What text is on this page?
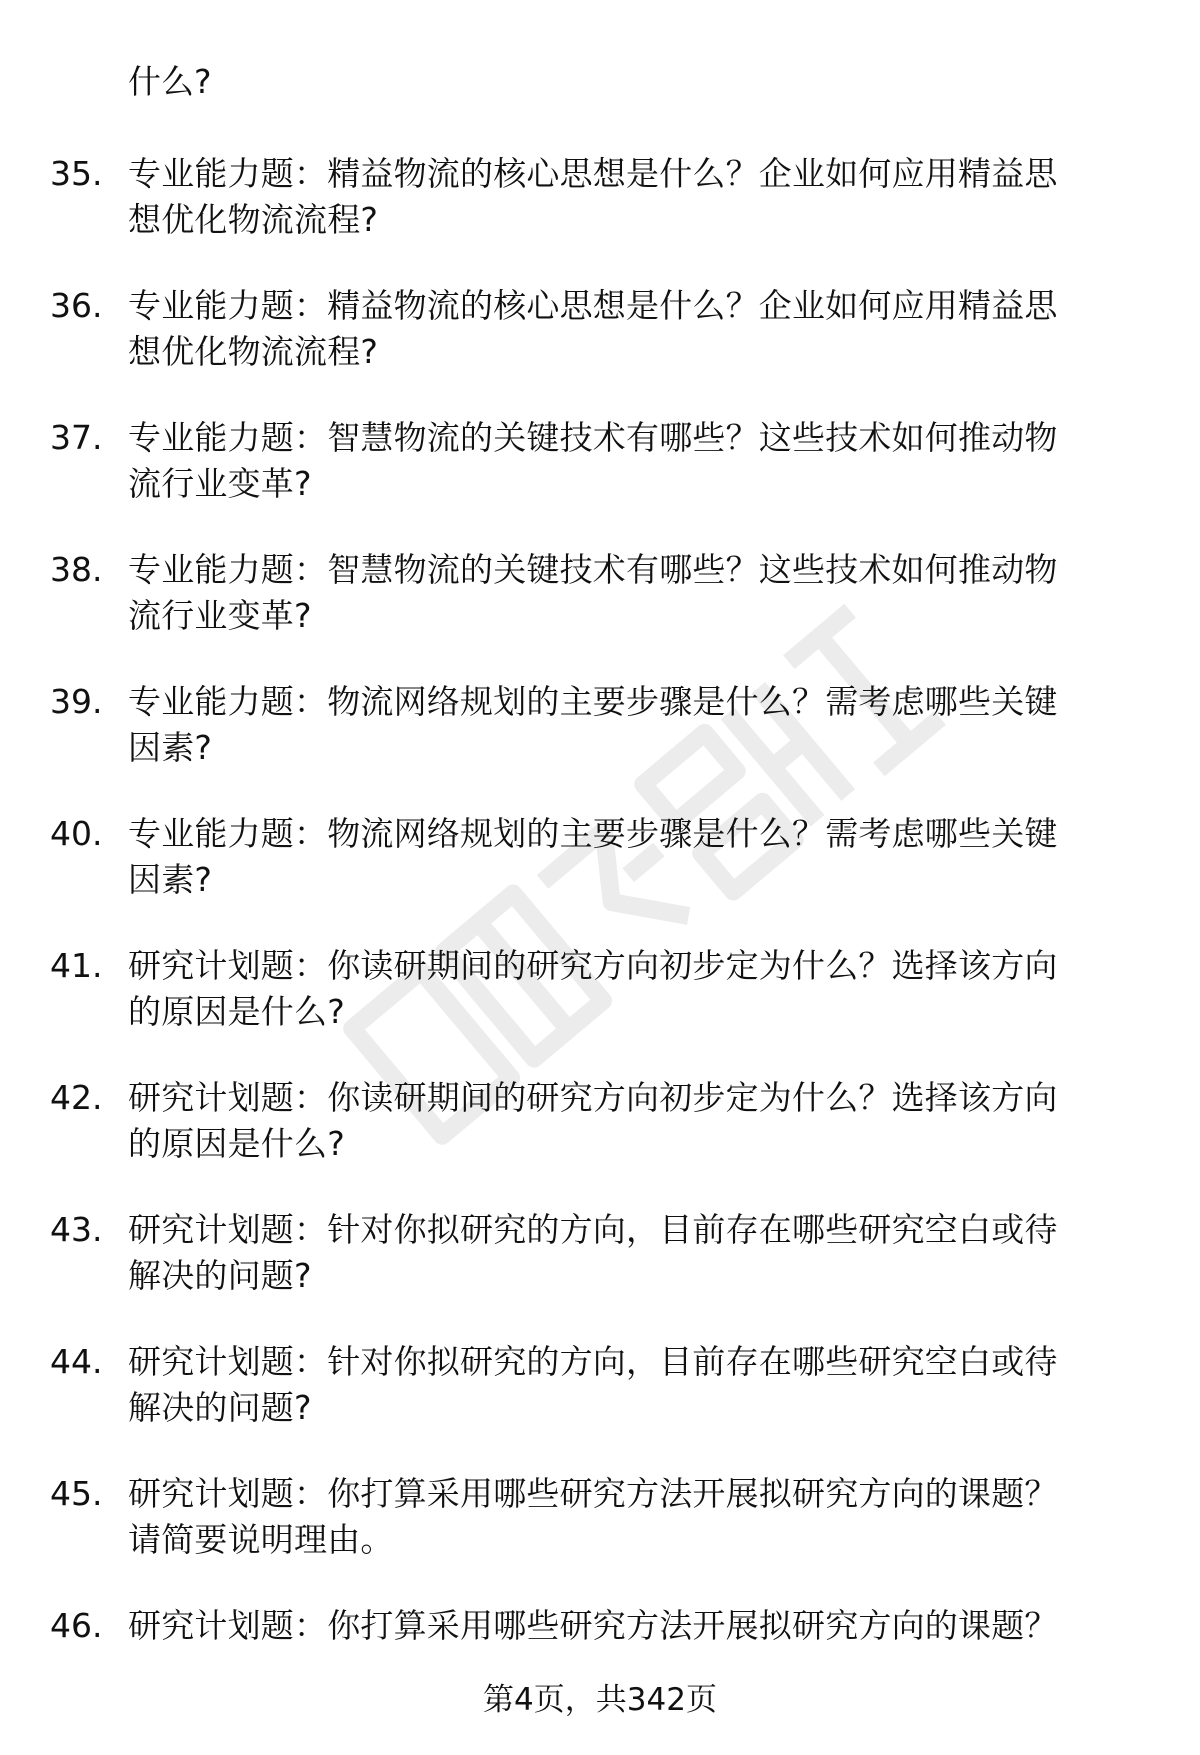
什么?
35. 专业能力题：精益物流的核心思想是什么？企业如何应用精益思
想优化物流流程?
36. 专业能力题：精益物流的核心思想是什么？企业如何应用精益思
想优化物流流程?
37. 专业能力题：智慧物流的关键技术有哪些？这些技术如何推动物
流行业变革?
38. 专业能力题：智慧物流的关键技术有哪些？这些技术如何推动物
流行业变革?
39. 专业能力题：物流网络规划的主要步骤是什么？需考虑哪些关键
因素?
40. 专业能力题：物流网络规划的主要步骤是什么？需考虑哪些关键
因素?
41. 研究计划题：你读研期间的研究方向初步定为什么？选择该方向
的原因是什么?
42. 研究计划题：你读研期间的研究方向初步定为什么？选择该方向
的原因是什么?
43. 研究计划题：针对你拟研究的方向，目前存在哪些研究空白或待
解决的问题?
44. 研究计划题：针对你拟研究的方向，目前存在哪些研究空白或待
解决的问题?
45. 研究计划题：你打算采用哪些研究方法开展拟研究方向的课题？
请简要说明理由。
46. 研究计划题：你打算采用哪些研究方法开展拟研究方向的课题？
第4页，共342页
